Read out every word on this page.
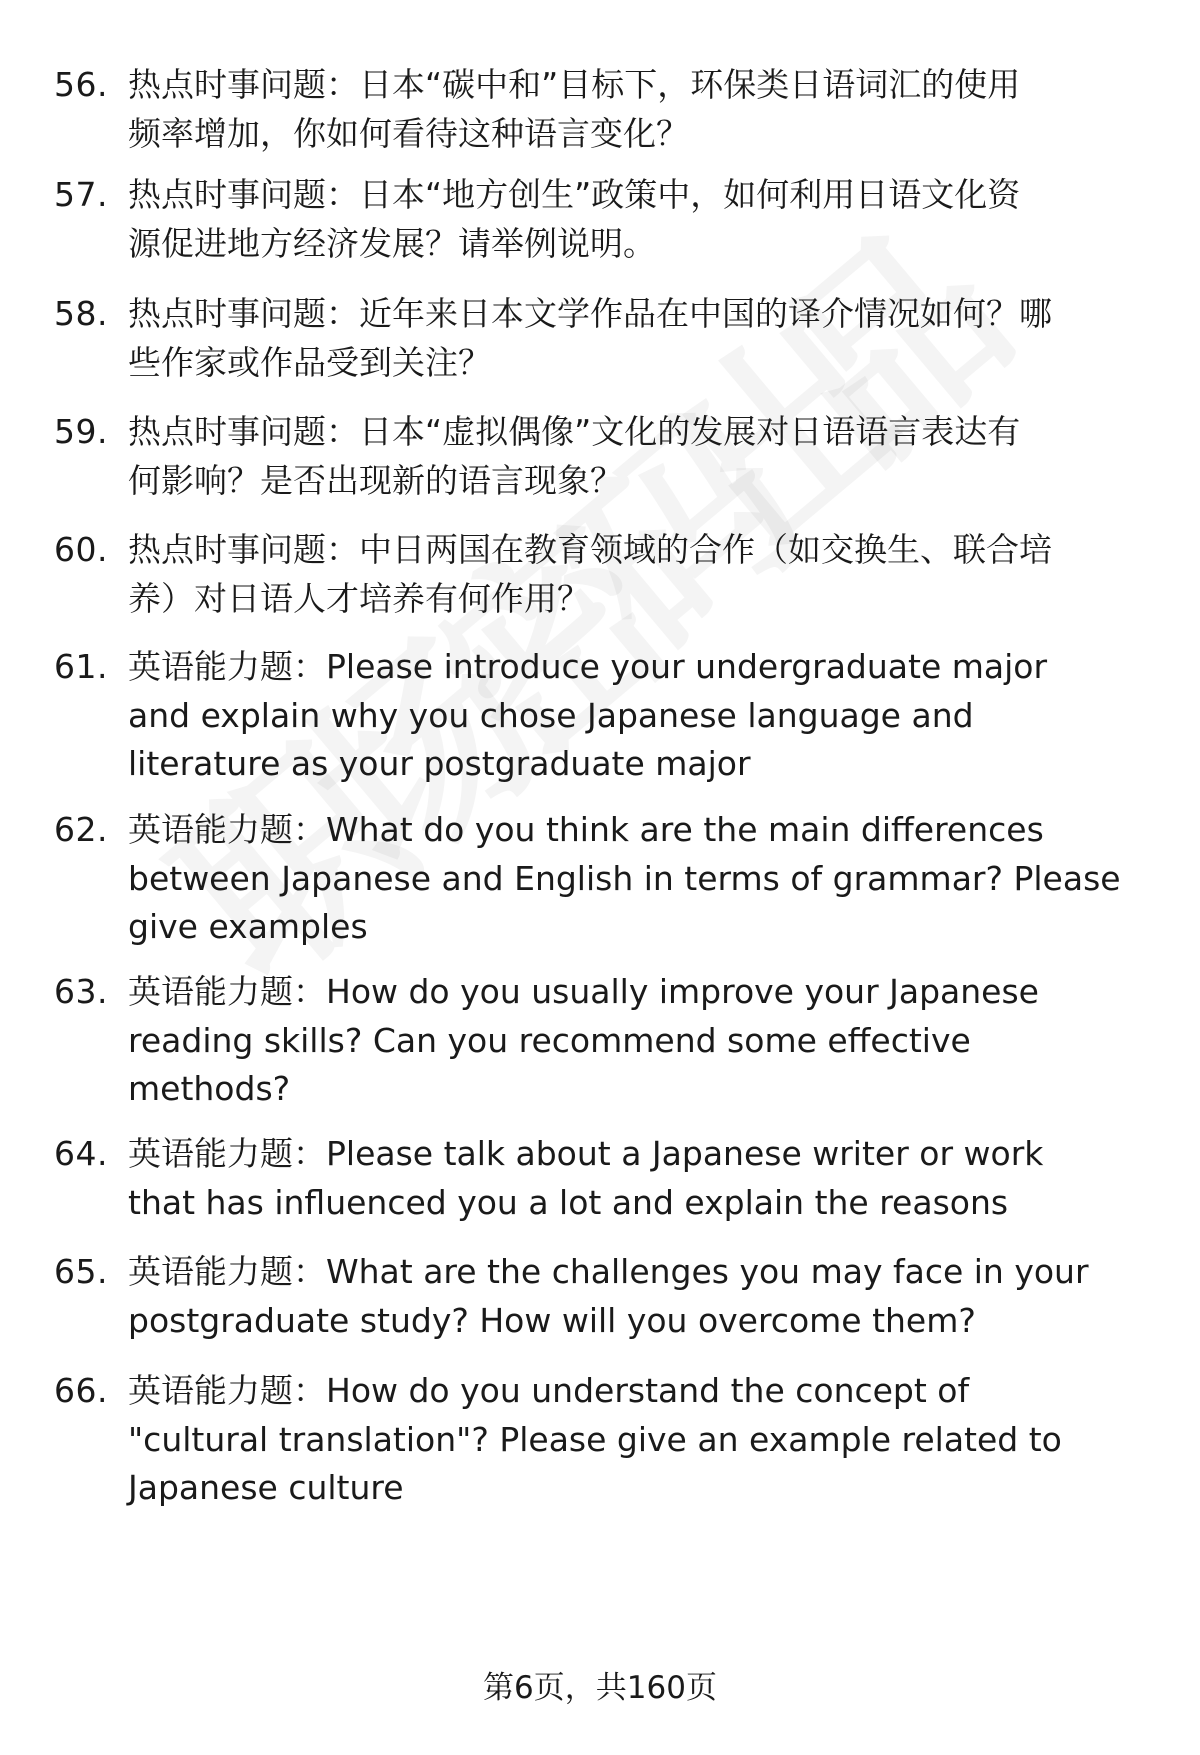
56. 热点时事问题：日本“碳中和”目标下，环保类日语词汇的使用
频率增加，你如何看待这种语言变化？
57. 热点时事问题：日本“地方创生”政策中，如何利用日语文化资
源促进地方经济发展？请举例说明。
58. 热点时事问题：近年来日本文学作品在中国的译介情况如何？哪
些作家或作品受到关注？
59. 热点时事问题：日本“虚拟偶像”文化的发展对日语语言表达有
何影响？是否出现新的语言现象？
60. 热点时事问题：中日两国在教育领域的合作（如交换生、联合培
养）对日语人才培养有何作用？
61. 英语能力题：Please introduce your undergraduate major
and explain why you chose Japanese language and
literature as your postgraduate major
62. 英语能力题：What do you think are the main differences
between Japanese and English in terms of grammar? Please
give examples
63. 英语能力题：How do you usually improve your Japanese
reading skills? Can you recommend some effective
methods?
64. 英语能力题：Please talk about a Japanese writer or work
that has influenced you a lot and explain the reasons
65. 英语能力题：What are the challenges you may face in your
postgraduate study? How will you overcome them?
66. 英语能力题：How do you understand the concept of
"cultural translation"? Please give an example related to
Japanese culture
第6页，共160页
